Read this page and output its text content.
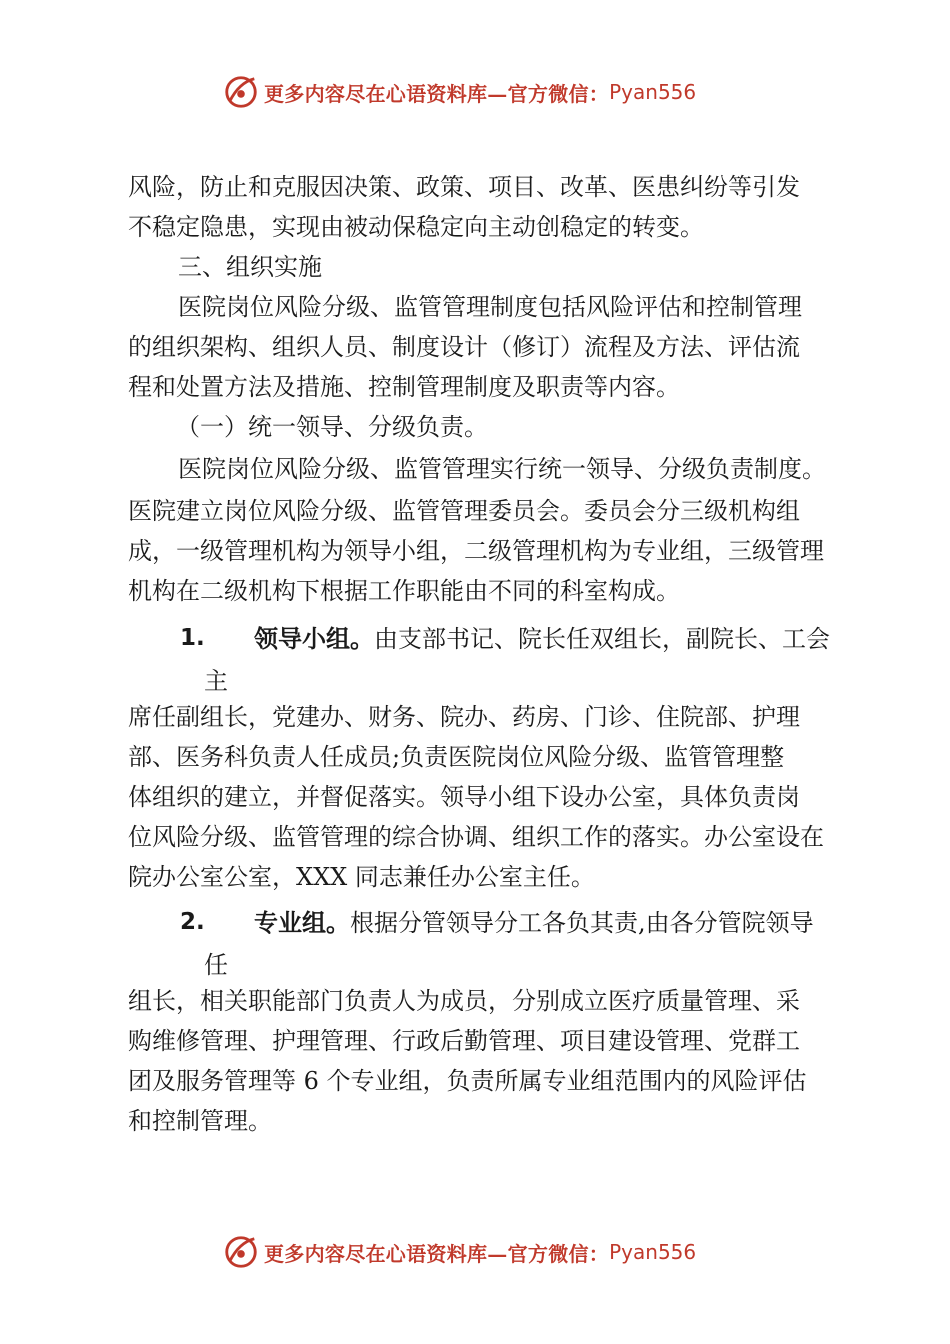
更多内容尽在心语资料库—官方微信： Pyan556
风险，防止和克服因决策、政策、项目、改革、医患纠纷等引发
不稳定隐患，实现由被动保稳定向主动创稳定的转变。
三、组织实施
医院岗位风险分级、监管管理制度包括风险评估和控制管理
的组织架构、组织人员、制度设计（修订）流程及方法、评估流
程和处置方法及措施、控制管理制度及职责等内容。
（一）统一领导、分级负责。
医院岗位风险分级、监管管理实行统一领导、分级负责制度。
医院建立岗位风险分级、监管管理委员会。委员会分三级机构组
成，一级管理机构为领导小组，二级管理机构为专业组，三级管理
机构在二级机构下根据工作职能由不同的科室构成。
1. 领导小组。由支部书记、院长任双组长，副院长、工会
主
席任副组长，党建办、财务、院办、药房、门诊、住院部、护理
部、医务科负责人任成员;负责医院岗位风险分级、监管管理整
体组织的建立，并督促落实。领导小组下设办公室，具体负责岗
位风险分级、监管管理的综合协调、组织工作的落实。办公室设在
院办公室公室，XXX 同志兼任办公室主任。
2. 专业组。根据分管领导分工各负其责,由各分管院领导
任
组长，相关职能部门负责人为成员，分别成立医疗质量管理、采
购维修管理、护理管理、行政后勤管理、项目建设管理、党群工
团及服务管理等 6 个专业组，负责所属专业组范围内的风险评估
和控制管理。
更多内容尽在心语资料库—官方微信： Pyan556
